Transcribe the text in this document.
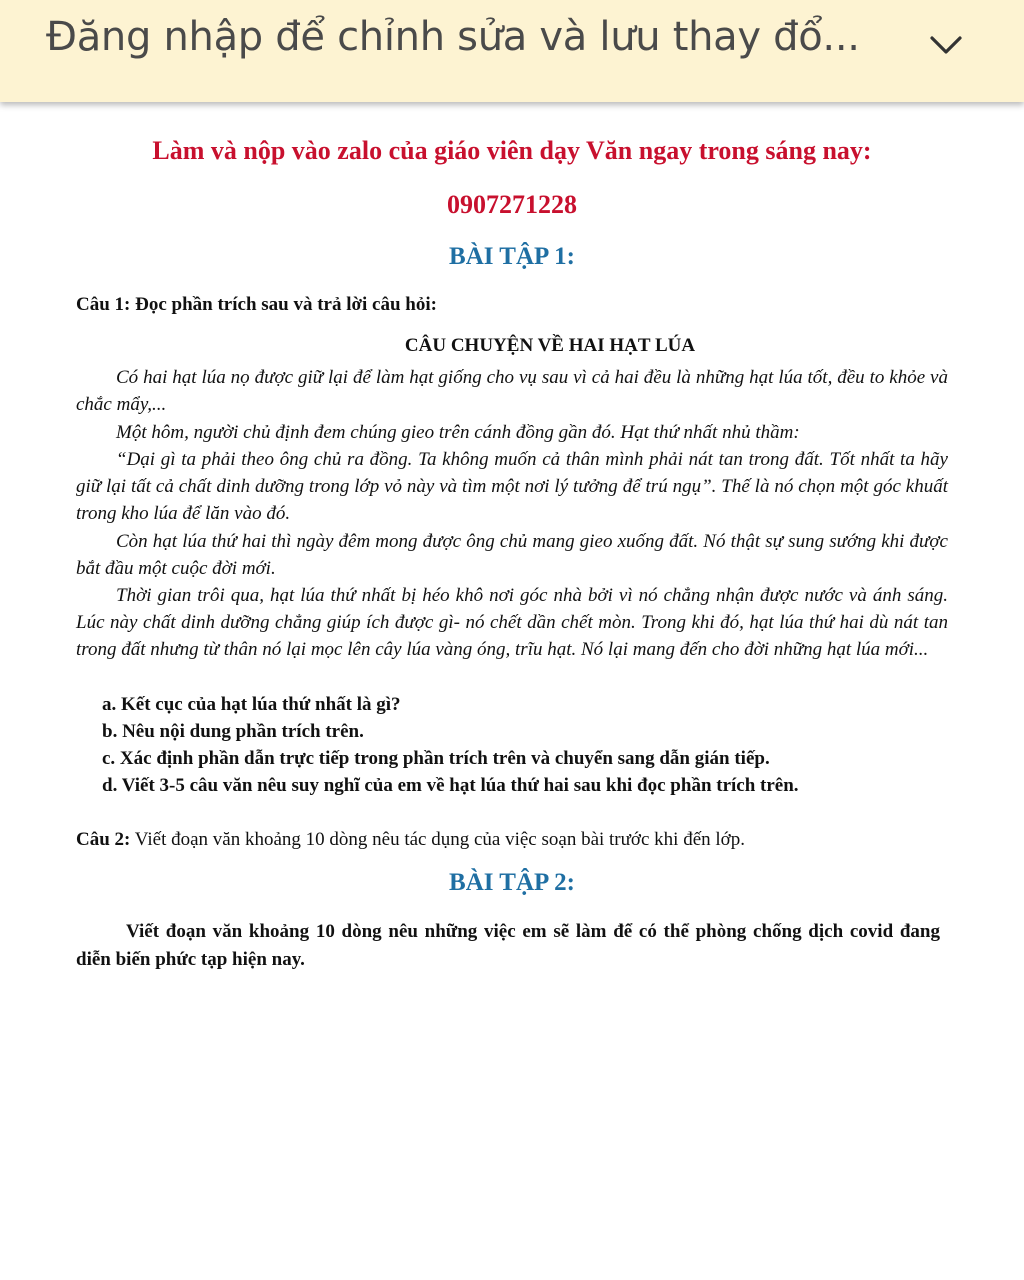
Đăng nhập để chỉnh sửa và lưu thay đổ...
Làm và nộp vào zalo của giáo viên dạy Văn ngay trong sáng nay:
0907271228
BÀI TẬP 1:
Câu 1: Đọc phần trích sau và trả lời câu hỏi:
CÂU CHUYỆN VỀ HAI HẠT LÚA
Có hai hạt lúa nọ được giữ lại để làm hạt giống cho vụ sau vì cả hai đều là những hạt lúa tốt, đều to khỏe và chắc mẩy,...
Một hôm, người chủ định đem chúng gieo trên cánh đồng gần đó. Hạt thứ nhất nhủ thầm:
“Dại gì ta phải theo ông chủ ra đồng. Ta không muốn cả thân mình phải nát tan trong đất. Tốt nhất ta hãy giữ lại tất cả chất dinh dưỡng trong lớp vỏ này và tìm một nơi lý tưởng để trú ngụ”. Thế là nó chọn một góc khuất trong kho lúa để lăn vào đó.
Còn hạt lúa thứ hai thì ngày đêm mong được ông chủ mang gieo xuống đất. Nó thật sự sung sướng khi được bắt đầu một cuộc đời mới.
Thời gian trôi qua, hạt lúa thứ nhất bị héo khô nơi góc nhà bởi vì nó chẳng nhận được nước và ánh sáng. Lúc này chất dinh dưỡng chẳng giúp ích được gì- nó chết dần chết mòn. Trong khi đó, hạt lúa thứ hai dù nát tan trong đất nhưng từ thân nó lại mọc lên cây lúa vàng óng, trĩu hạt. Nó lại mang đến cho đời những hạt lúa mới...
a. Kết cục của hạt lúa thứ nhất là gì?
b. Nêu nội dung phần trích trên.
c. Xác định phần dẫn trực tiếp trong phần trích trên và chuyển sang dẫn gián tiếp.
d. Viết 3-5 câu văn nêu suy nghĩ của em về hạt lúa thứ hai sau khi đọc phần trích trên.
Câu 2: Viết đoạn văn khoảng 10 dòng nêu tác dụng của việc soạn bài trước khi đến lớp.
BÀI TẬP 2:
Viết đoạn văn khoảng 10 dòng nêu những việc em sẽ làm để có thể phòng chống dịch covid đang diễn biến phức tạp hiện nay.
